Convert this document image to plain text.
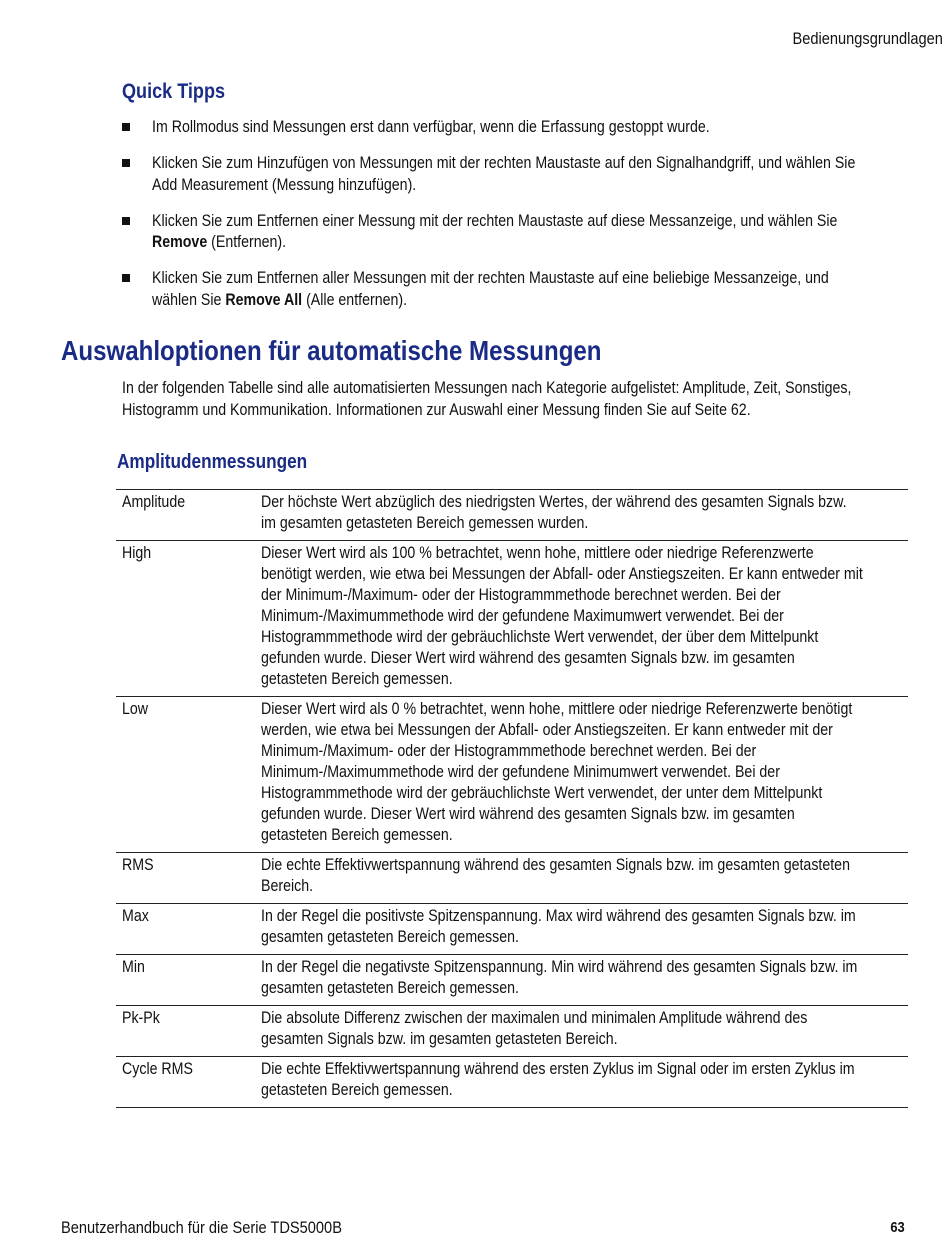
Bedienungsgrundlagen
Quick Tipps
Im Rollmodus sind Messungen erst dann verfügbar, wenn die Erfassung gestoppt wurde.
Klicken Sie zum Hinzufügen von Messungen mit der rechten Maustaste auf den Signalhandgriff, und wählen Sie Add Measurement (Messung hinzufügen).
Klicken Sie zum Entfernen einer Messung mit der rechten Maustaste auf diese Messanzeige, und wählen Sie Remove (Entfernen).
Klicken Sie zum Entfernen aller Messungen mit der rechten Maustaste auf eine beliebige Messanzeige, und wählen Sie Remove All (Alle entfernen).
Auswahloptionen für automatische Messungen
In der folgenden Tabelle sind alle automatisierten Messungen nach Kategorie aufgelistet: Amplitude, Zeit, Sonstiges, Histogramm und Kommunikation. Informationen zur Auswahl einer Messung finden Sie auf Seite 62.
Amplitudenmessungen
Amplitude	Der höchste Wert abzüglich des niedrigsten Wertes, der während des gesamten Signals bzw. im gesamten getasteten Bereich gemessen wurden.
High	Dieser Wert wird als 100 % betrachtet, wenn hohe, mittlere oder niedrige Referenzwerte benötigt werden, wie etwa bei Messungen der Abfall- oder Anstiegszeiten. Er kann entweder mit der Minimum-/Maximum- oder der Histogrammmethode berechnet werden. Bei der Minimum-/Maximummethode wird der gefundene Maximumwert verwendet. Bei der Histogrammmethode wird der gebräuchlichste Wert verwendet, der über dem Mittelpunkt gefunden wurde. Dieser Wert wird während des gesamten Signals bzw. im gesamten getasteten Bereich gemessen.
Low	Dieser Wert wird als 0 % betrachtet, wenn hohe, mittlere oder niedrige Referenzwerte benötigt werden, wie etwa bei Messungen der Abfall- oder Anstiegszeiten. Er kann entweder mit der Minimum-/Maximum- oder der Histogrammmethode berechnet werden. Bei der Minimum-/Maximummethode wird der gefundene Minimumwert verwendet. Bei der Histogrammmethode wird der gebräuchlichste Wert verwendet, der unter dem Mittelpunkt gefunden wurde. Dieser Wert wird während des gesamten Signals bzw. im gesamten getasteten Bereich gemessen.
RMS	Die echte Effektivwertspannung während des gesamten Signals bzw. im gesamten getasteten Bereich.
Max	In der Regel die positivste Spitzenspannung. Max wird während des gesamten Signals bzw. im gesamten getasteten Bereich gemessen.
Min	In der Regel die negativste Spitzenspannung. Min wird während des gesamten Signals bzw. im gesamten getasteten Bereich gemessen.
Pk-Pk	Die absolute Differenz zwischen der maximalen und minimalen Amplitude während des gesamten Signals bzw. im gesamten getasteten Bereich.
Cycle RMS	Die echte Effektivwertspannung während des ersten Zyklus im Signal oder im ersten Zyklus im getasteten Bereich gemessen.
Benutzerhandbuch für die Serie TDS5000B	63
